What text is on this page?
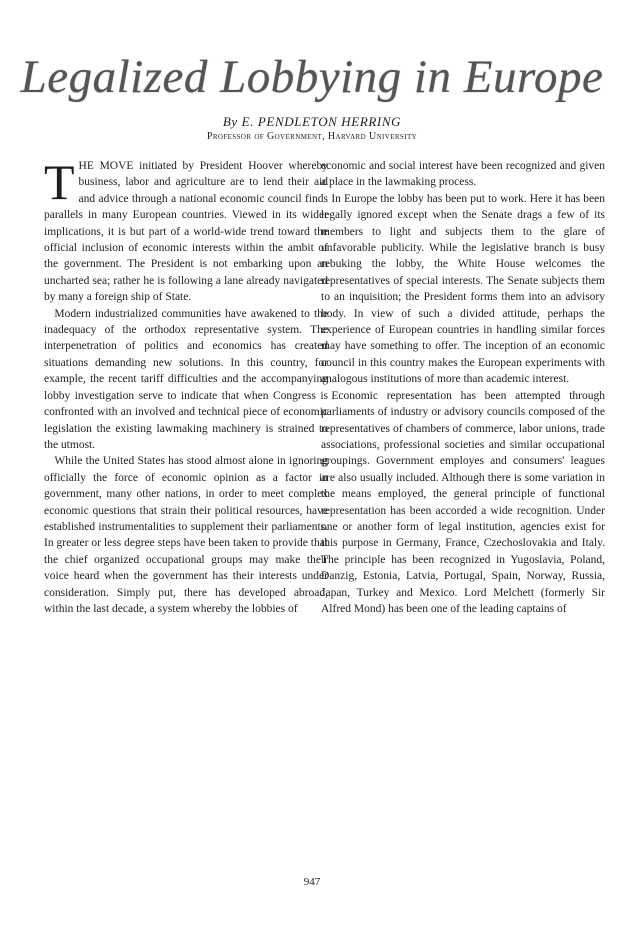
Legalized Lobbying in Europe
By E. PENDLETON HERRING
Professor of Government, Harvard University

THE MOVE initiated by President Hoover whereby business, labor and agriculture are to lend their aid and advice through a national economic council finds parallels in many European countries. Viewed in its wider implications, it is but part of a world-wide trend toward the official inclusion of economic interests within the ambit of the government. The President is not embarking upon an uncharted sea; rather he is following a lane already navigated by many a foreign ship of State.

Modern industrialized communities have awakened to the inadequacy of the orthodox representative system. The interpenetration of politics and economics has created situations demanding new solutions. In this country, for example, the recent tariff difficulties and the accompanying lobby investigation serve to indicate that when Congress is confronted with an involved and technical piece of economic legislation the existing lawmaking machinery is strained to the utmost.

While the United States has stood almost alone in ignoring officially the force of economic opinion as a factor in government, many other nations, in order to meet complex economic questions that strain their political resources, have established instrumentalities to supplement their parliaments. In greater or less degree steps have been taken to provide that the chief organized occupational groups may make their voice heard when the government has their interests under consideration. Simply put, there has developed abroad, within the last decade, a system whereby the lobbies of

economic and social interest have been recognized and given a place in the lawmaking process.

In Europe the lobby has been put to work. Here it has been legally ignored except when the Senate drags a few of its members to light and subjects them to the glare of unfavorable publicity. While the legislative branch is busy rebuking the lobby, the White House welcomes the representatives of special interests. The Senate subjects them to an inquisition; the President forms them into an advisory body. In view of such a divided attitude, perhaps the experience of European countries in handling similar forces may have something to offer. The inception of an economic council in this country makes the European experiments with analogous institutions of more than academic interest.

Economic representation has been attempted through parliaments of industry or advisory councils composed of the representatives of chambers of commerce, labor unions, trade associations, professional societies and similar occupational groupings. Government employes and consumers' leagues are also usually included. Although there is some variation in the means employed, the general principle of functional representation has been accorded a wide recognition. Under one or another form of legal institution, agencies exist for this purpose in Germany, France, Czechoslovakia and Italy. The principle has been recognized in Yugoslavia, Poland, Danzig, Estonia, Latvia, Portugal, Spain, Norway, Russia, Japan, Turkey and Mexico. Lord Melchett (formerly Sir Alfred Mond) has been one of the leading captains of

947
